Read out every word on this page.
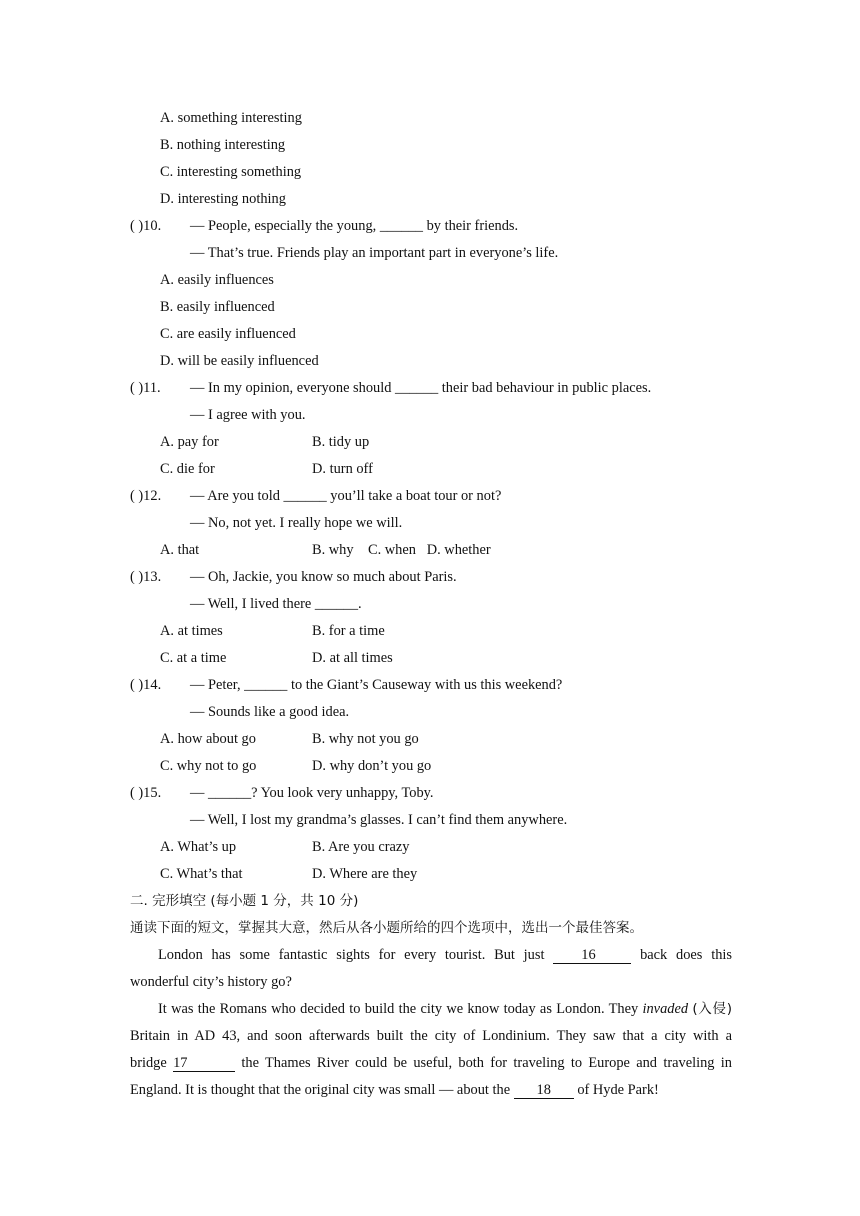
A. something interesting
B. nothing interesting
C. interesting something
D. interesting nothing
( )10. — People, especially the young, ______ by their friends.
— That’s true. Friends play an important part in everyone’s life.
A. easily influences
B. easily influenced
C. are easily influenced
D. will be easily influenced
( )11. — In my opinion, everyone should ______ their bad behaviour in public places.
— I agree with you.
A. pay for	B. tidy up
C. die for	D. turn off
( )12. — Are you told ______ you’ll take a boat tour or not?
— No, not yet. I really hope we will.
A. that	B. why    C. when   D. whether
( )13. — Oh, Jackie, you know so much about Paris.
— Well, I lived there ______.
A. at times	B. for a time
C. at a time	D. at all times
( )14. — Peter, ______ to the Giant’s Causeway with us this weekend?
— Sounds like a good idea.
A. how about go	B. why not you go
C. why not to go	D. why don’t you go
( )15. — ______? You look very unhappy, Toby.
— Well, I lost my grandma’s glasses. I can’t find them anywhere.
A. What’s up	B. Are you crazy
C. What’s that	D. Where are they
二. 完形填空 (每小题 1 分，共 10 分)
通读下面的短文，掌握其大意，然后从各小题所给的四个选项中，选出一个最佳答案。
London has some fantastic sights for every tourist. But just	16	back does this
wonderful city’s history go?
It was the Romans who decided to build the city we know today as London. They invaded (入侵)
Britain in AD 43, and soon afterwards built the city of Londinium. They saw that a city with a
bridge 17	the Thames River could be useful, both for traveling to Europe and traveling in
England. It is thought that the original city was small — about the 18 of Hyde Park!
